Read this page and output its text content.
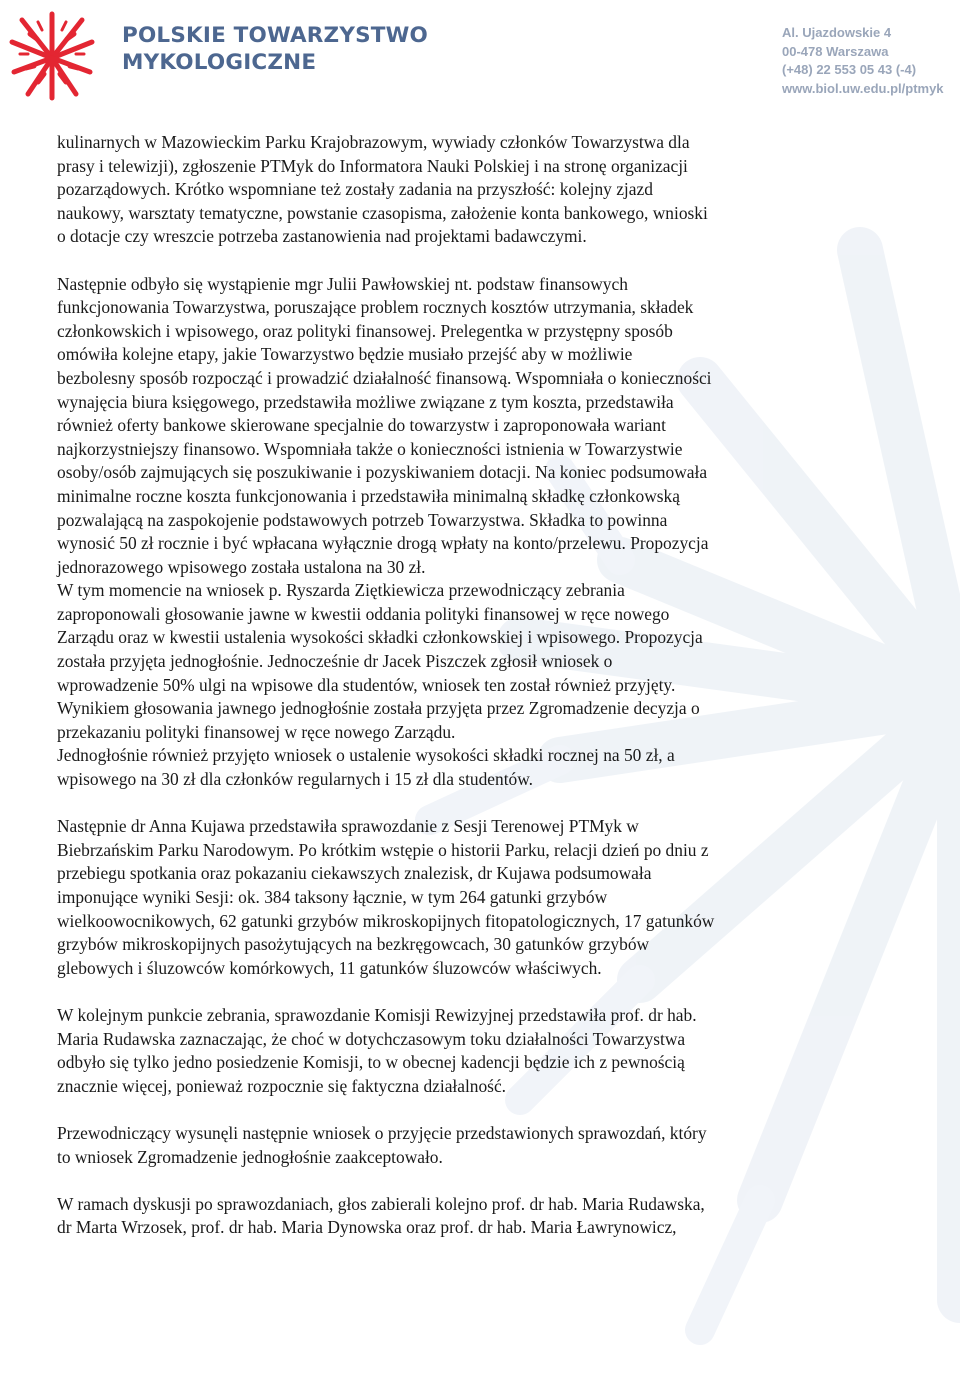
POLSKIE TOWARZYSTWO
MYKOLOGICZNE
Al. Ujazdowskie 4
00-478 Warszawa
(+48) 22 553 05 43 (-4)
www.biol.uw.edu.pl/ptmyk

kulinarnych w Mazowieckim Parku Krajobrazowym, wywiady członków Towarzystwa dla

prasy i telewizji), zgłoszenie PTMyk do Informatora Nauki Polskiej i na stronę organizacji

pozarządowych. Krótko wspomniane też zostały zadania na przyszłość: kolejny zjazd

naukowy, warsztaty tematyczne, powstanie czasopisma, założenie konta bankowego, wnioski

o dotacje czy wreszcie potrzeba zastanowienia nad projektami badawczymi.

Następnie odbyło się wystąpienie mgr Julii Pawłowskiej nt. podstaw finansowych

funkcjonowania Towarzystwa, poruszające problem rocznych kosztów utrzymania, składek

członkowskich i wpisowego, oraz polityki finansowej. Prelegentka w przystępny sposób

omówiła kolejne etapy, jakie Towarzystwo będzie musiało przejść aby w możliwie

bezbolesny sposób rozpocząć i prowadzić działalność finansową. Wspomniała o konieczności

wynajęcia biura księgowego, przedstawiła możliwe związane z tym koszta, przedstawiła

również oferty bankowe skierowane specjalnie do towarzystw i zaproponowała wariant

najkorzystniejszy finansowo. Wspomniała także o konieczności istnienia w Towarzystwie

osoby/osób zajmujących się poszukiwanie i pozyskiwaniem dotacji. Na koniec podsumowała

minimalne roczne koszta funkcjonowania i przedstawiła minimalną składkę członkowską

pozwalającą na zaspokojenie podstawowych potrzeb Towarzystwa. Składka to powinna

wynosić 50 zł rocznie i być wpłacana wyłącznie drogą wpłaty na konto/przelewu. Propozycja

jednorazowego wpisowego została ustalona na 30 zł.

W tym momencie na wniosek p. Ryszarda Ziętkiewicza przewodniczący zebrania

zaproponowali głosowanie jawne w kwestii oddania polityki finansowej w ręce nowego

Zarządu oraz w kwestii ustalenia wysokości składki członkowskiej i wpisowego. Propozycja

została przyjęta jednogłośnie. Jednocześnie dr Jacek Piszczek zgłosił wniosek o

wprowadzenie 50% ulgi na wpisowe dla studentów, wniosek ten został również przyjęty.

Wynikiem głosowania jawnego jednogłośnie została przyjęta przez Zgromadzenie decyzja o

przekazaniu polityki finansowej w ręce nowego Zarządu.

Jednogłośnie również przyjęto wniosek o ustalenie wysokości składki rocznej na 50 zł, a

wpisowego na 30 zł dla członków regularnych i 15 zł dla studentów.

Następnie dr Anna Kujawa przedstawiła sprawozdanie z Sesji Terenowej PTMyk w

Biebrzańskim Parku Narodowym. Po krótkim wstępie o historii Parku, relacji dzień po dniu z

przebiegu spotkania oraz pokazaniu ciekawszych znalezisk, dr Kujawa podsumowała

imponujące wyniki Sesji: ok. 384 taksony łącznie, w tym 264 gatunki grzybów

wielkoowocnikowych, 62 gatunki grzybów mikroskopijnych fitopatologicznych, 17 gatunków

grzybów mikroskopijnych pasożytujących na bezkręgowcach, 30 gatunków grzybów

glebowych i śluzowców komórkowych, 11 gatunków śluzowców właściwych.

W kolejnym punkcie zebrania, sprawozdanie Komisji Rewizyjnej przedstawiła prof. dr hab.

Maria Rudawska zaznaczając, że choć w dotychczasowym toku działalności Towarzystwa

odbyło się tylko jedno posiedzenie Komisji, to w obecnej kadencji będzie ich z pewnością

znacznie więcej, ponieważ rozpocznie się faktyczna działalność.

Przewodniczący wysunęli następnie wniosek o przyjęcie przedstawionych sprawozdań, który

to wniosek Zgromadzenie jednogłośnie zaakceptowało.

W ramach dyskusji po sprawozdaniach, głos zabierali kolejno prof. dr hab. Maria Rudawska,

dr Marta Wrzosek, prof. dr hab. Maria Dynowska oraz prof. dr hab. Maria Ławrynowicz,
